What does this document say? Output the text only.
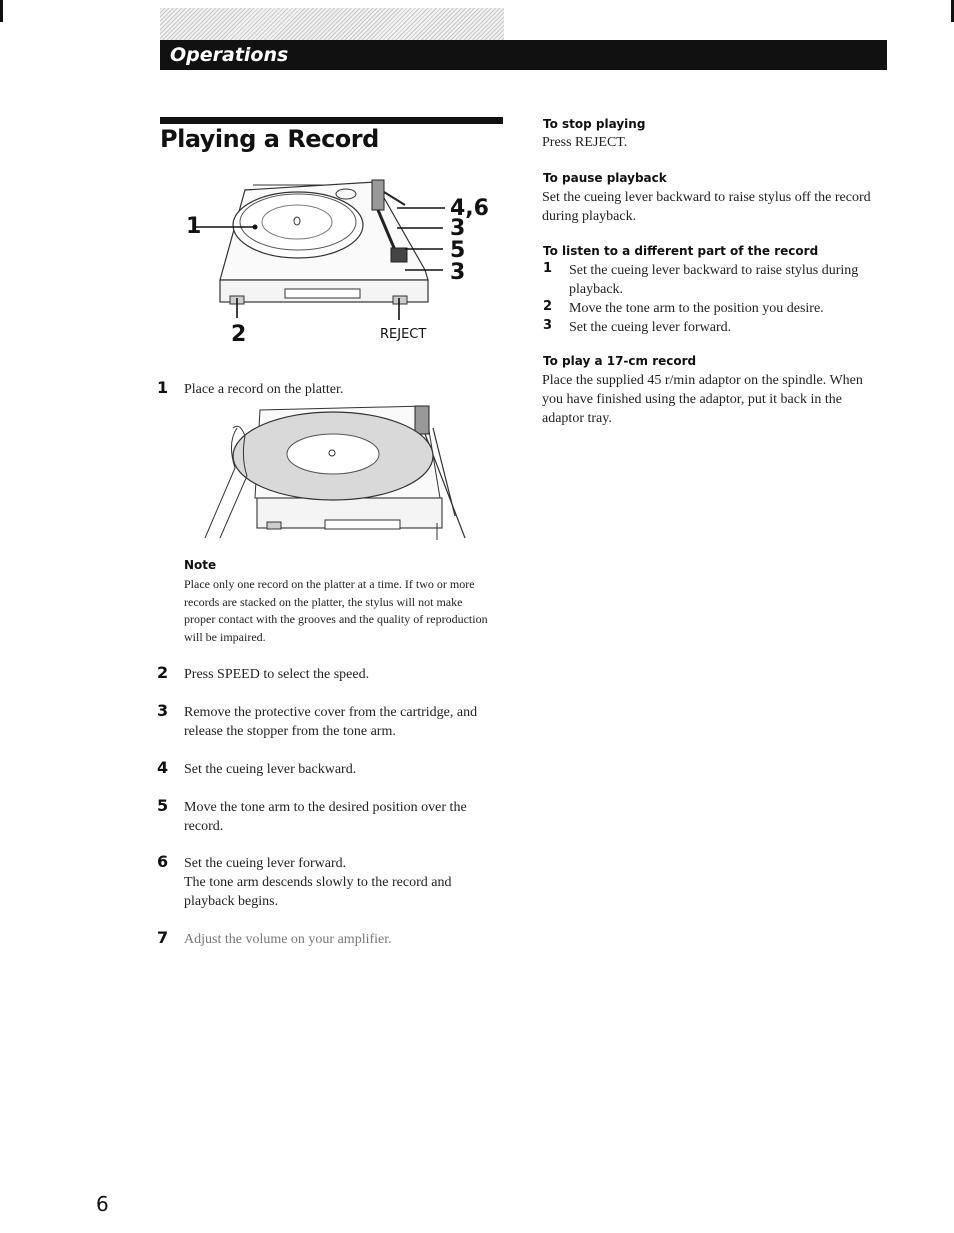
Operations
Playing a Record
1
4,6
3
5
3
2	REJECT
1 Place a record on the platter.
Note
Place only one record on the platter at a time. If two or more records are stacked on the platter, the stylus will not make proper contact with the grooves and the quality of reproduction will be impaired.
2 Press SPEED to select the speed.
3 Remove the protective cover from the cartridge, and release the stopper from the tone arm.
4 Set the cueing lever backward.
5 Move the tone arm to the desired position over the record.
6 Set the cueing lever forward.
The tone arm descends slowly to the record and playback begins.
7 Adjust the volume on your amplifier.
To stop playing
Press REJECT.
To pause playback
Set the cueing lever backward to raise stylus off the record during playback.
To listen to a different part of the record
1 Set the cueing lever backward to raise stylus during playback.
2 Move the tone arm to the position you desire.
3 Set the cueing lever forward.
To play a 17-cm record
Place the supplied 45 r/min adaptor on the spindle. When you have finished using the adaptor, put it back in the adaptor tray.
6
